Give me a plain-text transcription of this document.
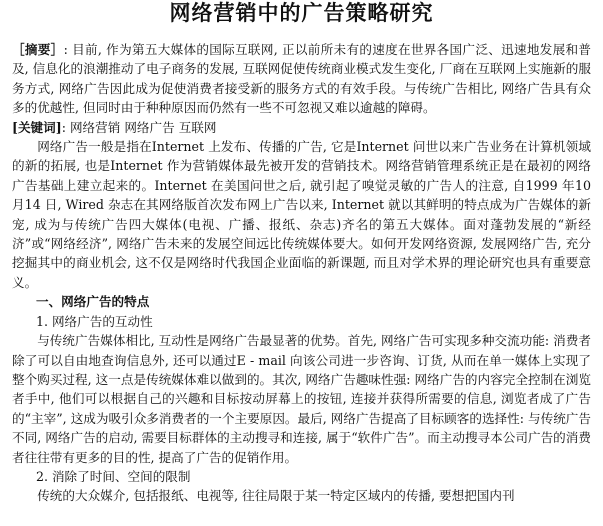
网络营销中的广告策略研究

［摘要］: 目前, 作为第五大媒体的国际互联网, 正以前所未有的速度在世界各国广泛、迅速地发展和普及, 信息化的浪潮推动了电子商务的发展, 互联网促使传统商业模式发生变化, 厂商在互联网上实施新的服务方式, 网络广告因此成为促使消费者接受新的服务方式的有效手段。与传统广告相比, 网络广告具有众多的优越性, 但同时由于种种原因而仍然有一些不可忽视又难以逾越的障碍。

[关键词]: 网络营销 网络广告 互联网

网络广告一般是指在Internet 上发布、传播的广告, 它是Internet 问世以来广告业务在计算机领域的新的拓展, 也是Internet 作为营销媒体最先被开发的营销技术。网络营销管理系统正是在最初的网络广告基础上建立起来的。Internet 在美国问世之后, 就引起了嗅觉灵敏的广告人的注意, 自1999 年10 月14 日, Wired 杂志在其网络版首次发布网上广告以来, Internet 就以其鲜明的特点成为广告媒体的新宠, 成为与传统广告四大媒体(电视、广播、报纸、杂志)齐名的第五大媒体。面对蓬勃发展的“新经济”或“网络经济”, 网络广告未来的发展空间远比传统媒体要大。如何开发网络资源, 发展网络广告, 充分挖掘其中的商业机会, 这不仅是网络时代我国企业面临的新课题, 而且对学术界的理论研究也具有重要意义。

一、网络广告的特点

1. 网络广告的互动性

与传统广告媒体相比, 互动性是网络广告最显著的优势。首先, 网络广告可实现多种交流功能: 消费者除了可以自由地查询信息外, 还可以通过E - mail 向该公司进一步咨询、订货, 从而在单一媒体上实现了整个购买过程, 这一点是传统媒体难以做到的。其次, 网络广告趣味性强: 网络广告的内容完全控制在浏览者手中, 他们可以根据自己的兴趣和目标按动屏幕上的按钮, 连接并获得所需要的信息, 浏览者成了广告的“主宰”, 这成为吸引众多消费者的一个主要原因。最后, 网络广告提高了目标顾客的选择性: 与传统广告不同, 网络广告的启动, 需要目标群体的主动搜寻和连接, 属于“软件广告”。而主动搜寻本公司广告的消费者往往带有更多的目的性, 提高了广告的促销作用。

2. 消除了时间、空间的限制

传统的大众媒介, 包括报纸、电视等, 往往局限于某一特定区域内的传播, 要想把国内刊
